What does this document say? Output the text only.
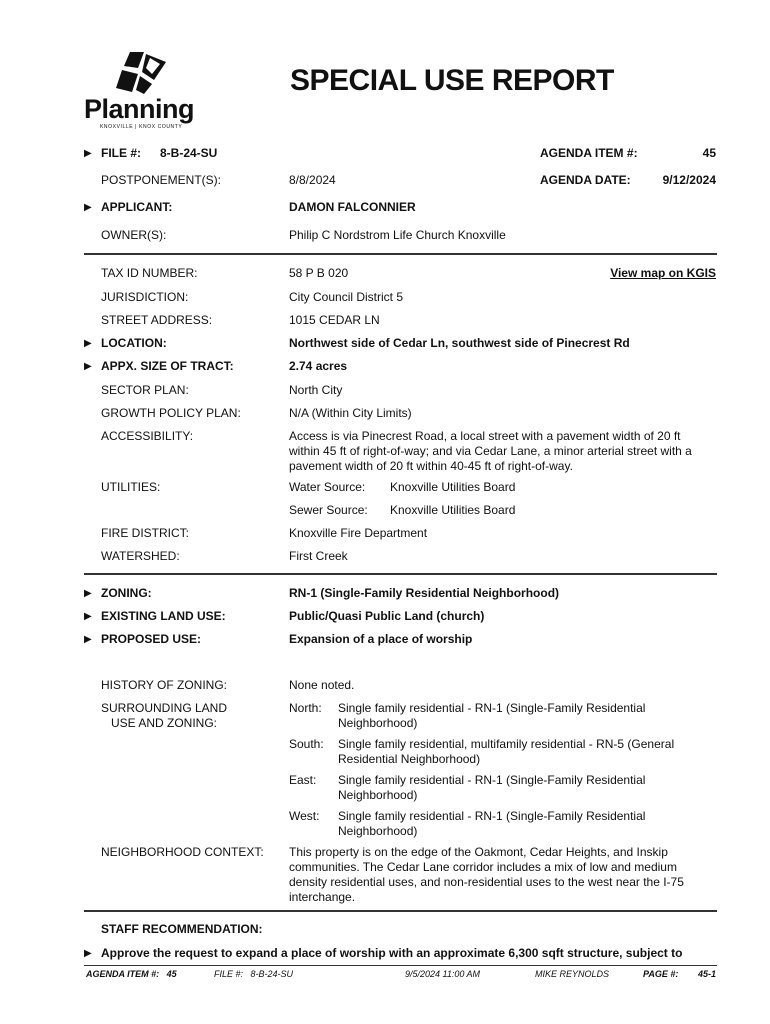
Planning
KNOXVILLE | KNOX COUNTY
SPECIAL USE REPORT
▶ FILE #: 8-B-24-SU	AGENDA ITEM #:	45
POSTPONEMENT(S):	8/8/2024	AGENDA DATE:	9/12/2024
▶ APPLICANT:	DAMON FALCONNIER
OWNER(S):	Philip C Nordstrom Life Church Knoxville
TAX ID NUMBER:	58 P B 020	View map on KGIS
JURISDICTION:	City Council District 5
STREET ADDRESS:	1015 CEDAR LN
▶ LOCATION:	Northwest side of Cedar Ln, southwest side of Pinecrest Rd
▶ APPX. SIZE OF TRACT:	2.74 acres
SECTOR PLAN:	North City
GROWTH POLICY PLAN:	N/A (Within City Limits)
ACCESSIBILITY:	Access is via Pinecrest Road, a local street with a pavement width of 20 ft within 45 ft of right-of-way; and via Cedar Lane, a minor arterial street with a pavement width of 20 ft within 40-45 ft of right-of-way.
UTILITIES:	Water Source: Knoxville Utilities Board
Sewer Source: Knoxville Utilities Board
FIRE DISTRICT:	Knoxville Fire Department
WATERSHED:	First Creek
▶ ZONING:	RN-1 (Single-Family Residential Neighborhood)
▶ EXISTING LAND USE:	Public/Quasi Public Land (church)
▶ PROPOSED USE:	Expansion of a place of worship
HISTORY OF ZONING:	None noted.
SURROUNDING LAND
USE AND ZONING:
North: Single family residential - RN-1 (Single-Family Residential Neighborhood)
South: Single family residential, multifamily residential - RN-5 (General Residential Neighborhood)
East: Single family residential - RN-1 (Single-Family Residential Neighborhood)
West: Single family residential - RN-1 (Single-Family Residential Neighborhood)
NEIGHBORHOOD CONTEXT: This property is on the edge of the Oakmont, Cedar Heights, and Inskip communities. The Cedar Lane corridor includes a mix of low and medium density residential uses, and non-residential uses to the west near the I-75 interchange.
STAFF RECOMMENDATION:
▶ Approve the request to expand a place of worship with an approximate 6,300 sqft structure, subject to
AGENDA ITEM #:   45	FILE #:   8-B-24-SU	9/5/2024 11:00 AM	MIKE REYNOLDS	PAGE #: 45-1
